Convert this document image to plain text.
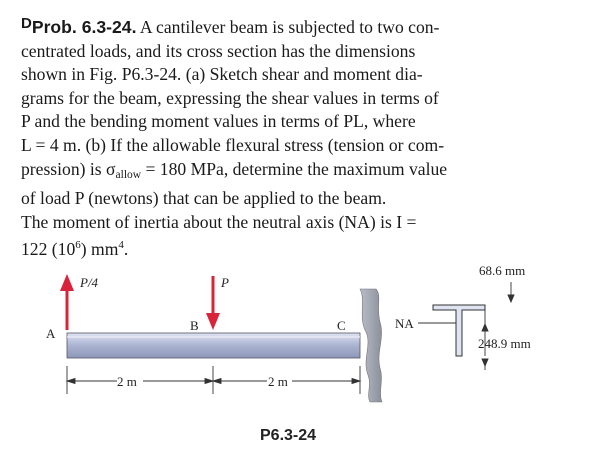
DProb. 6.3-24. A cantilever beam is subjected to two con-
centrated loads, and its cross section has the dimensions
shown in Fig. P6.3-24. (a) Sketch shear and moment dia-
grams for the beam, expressing the shear values in terms of
P and the bending moment values in terms of PL, where
L = 4 m. (b) If the allowable flexural stress (tension or com-
pression) is $\sigma_{allow} = 180$ MPa, determine the maximum value
of load P (newtons) that can be applied to the beam.
The moment of inertia about the neutral axis (NA) is I =
122 $(10^6)$ $mm^4$.
P/4	P
A
B	C
2 m	2 m
P6.3-24
NA
68.6 mm
248.9 mm
